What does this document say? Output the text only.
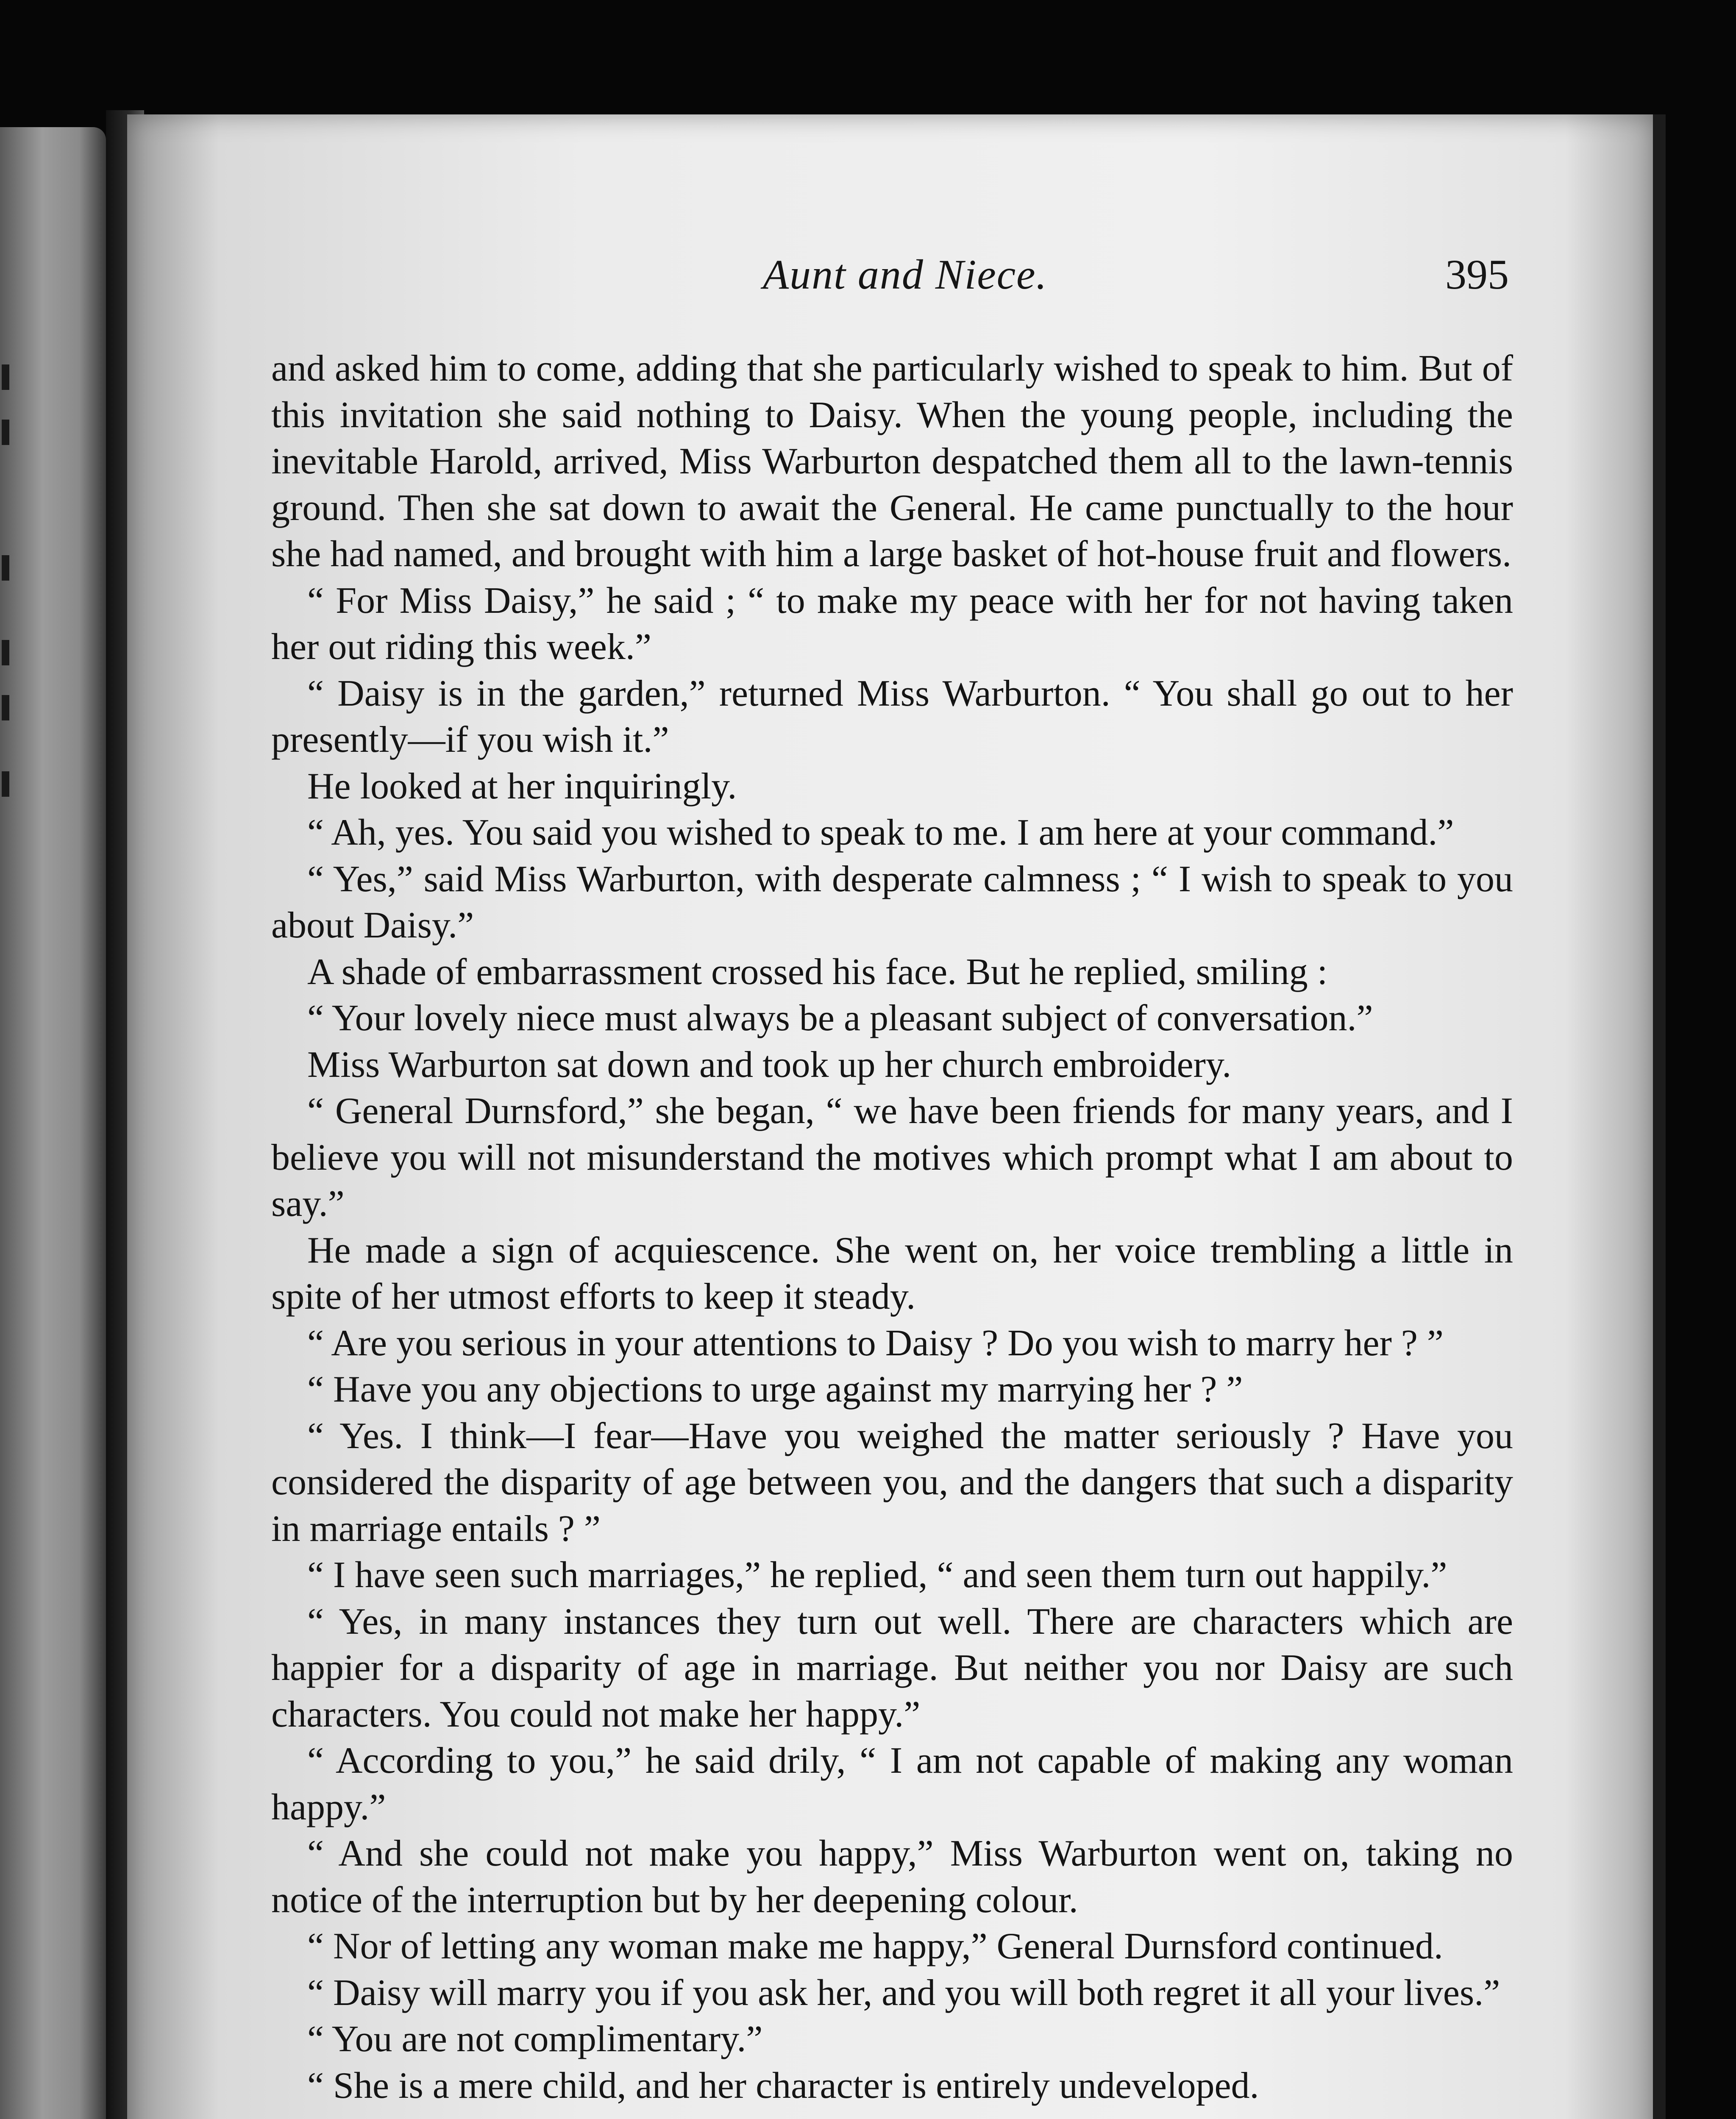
Aunt and Niece.	395

and asked him to come, adding that she particularly wished to speak to him. But of this invitation she said nothing to Daisy. When the young people, including the inevitable Harold, arrived, Miss Warburton despatched them all to the lawn-tennis ground. Then she sat down to await the General. He came punctually to the hour she had named, and brought with him a large basket of hot-house fruit and flowers.

“ For Miss Daisy,” he said ; “ to make my peace with her for not having taken her out riding this week.”

“ Daisy is in the garden,” returned Miss Warburton. “ You shall go out to her presently—if you wish it.”

He looked at her inquiringly.

“ Ah, yes. You said you wished to speak to me. I am here at your command.”

“ Yes,” said Miss Warburton, with desperate calmness ; “ I wish to speak to you about Daisy.”

A shade of embarrassment crossed his face. But he replied, smiling :

“ Your lovely niece must always be a pleasant subject of conversation.”

Miss Warburton sat down and took up her church embroidery.

“ General Durnsford,” she began, “ we have been friends for many years, and I believe you will not misunderstand the motives which prompt what I am about to say.”

He made a sign of acquiescence. She went on, her voice trembling a little in spite of her utmost efforts to keep it steady.

“ Are you serious in your attentions to Daisy ? Do you wish to marry her ? ”

“ Have you any objections to urge against my marrying her ? ”

“ Yes. I think—I fear—Have you weighed the matter seriously ? Have you considered the disparity of age between you, and the dangers that such a disparity in marriage entails ? ”

“ I have seen such marriages,” he replied, “ and seen them turn out happily.”

“ Yes, in many instances they turn out well. There are characters which are happier for a disparity of age in marriage. But neither you nor Daisy are such characters. You could not make her happy.”

“ According to you,” he said drily, “ I am not capable of making any woman happy.”

“ And she could not make you happy,” Miss Warburton went on, taking no notice of the interruption but by her deepening colour.

“ Nor of letting any woman make me happy,” General Durnsford continued.

“ Daisy will marry you if you ask her, and you will both regret it all your lives.”

“ You are not complimentary.”

“ She is a mere child, and her character is entirely undeveloped.
